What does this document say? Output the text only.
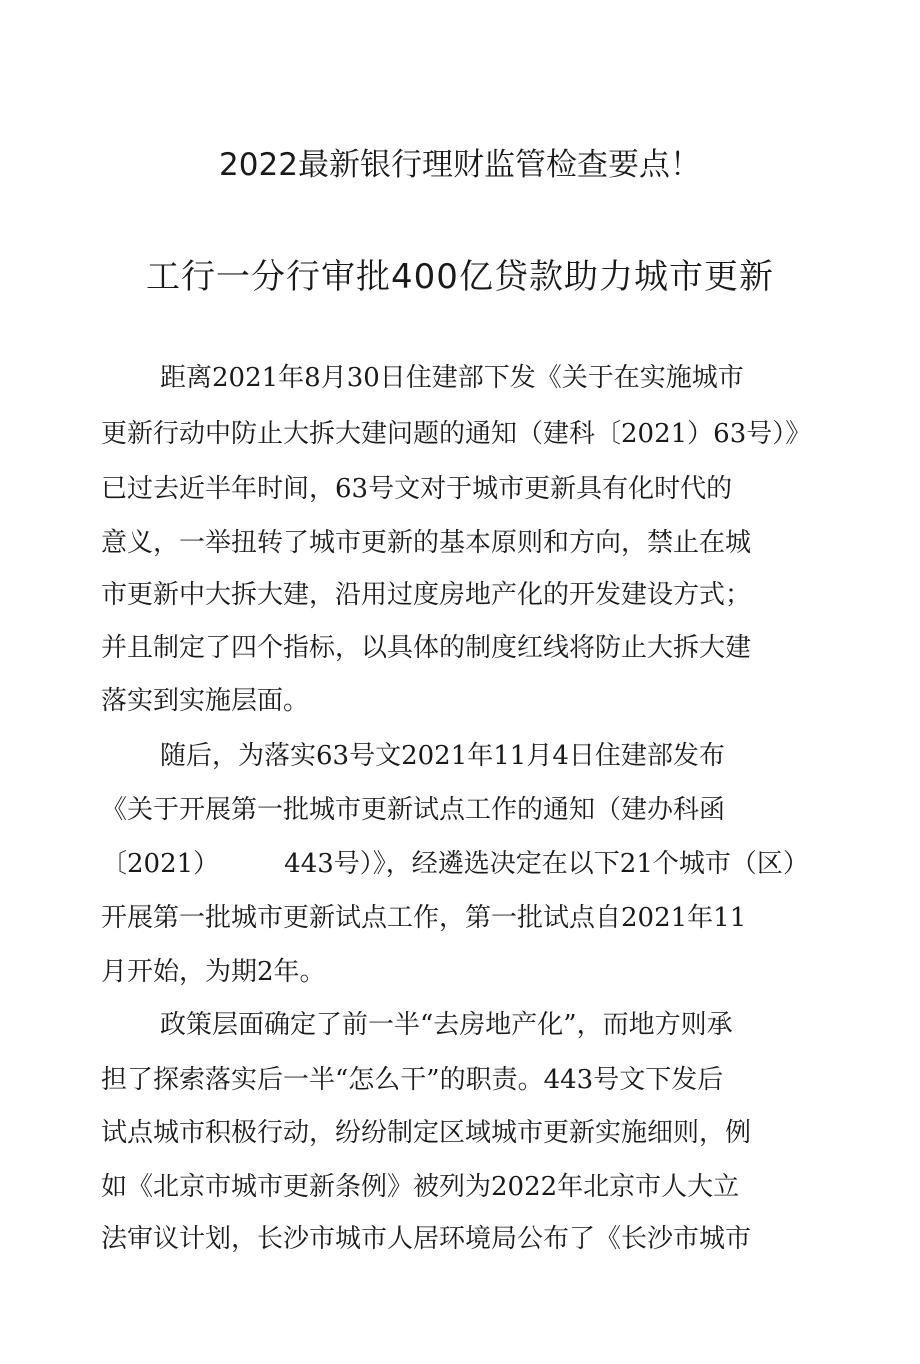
2022最新银行理财监管检查要点！
工行一分行审批400亿贷款助力城市更新
距离2021年8月30日住建部下发《关于在实施城市
更新行动中防止大拆大建问题的通知（建科〔2021）63号）》
已过去近半年时间，63号文对于城市更新具有化时代的
意义，一举扭转了城市更新的基本原则和方向，禁止在城
市更新中大拆大建，沿用过度房地产化的开发建设方式；
并且制定了四个指标，以具体的制度红线将防止大拆大建
落实到实施层面。
随后，为落实63号文2021年11月4日住建部发布
《关于开展第一批城市更新试点工作的通知（建办科函
〔2021）　　　443号）》，经遴选决定在以下21个城市（区）
开展第一批城市更新试点工作，第一批试点自2021年11
月开始，为期2年。
政策层面确定了前一半“去房地产化”，而地方则承
担了探索落实后一半“怎么干”的职责。443号文下发后
试点城市积极行动，纷纷制定区域城市更新实施细则，例
如《北京市城市更新条例》被列为2022年北京市人大立
法审议计划，长沙市城市人居环境局公布了《长沙市城市
